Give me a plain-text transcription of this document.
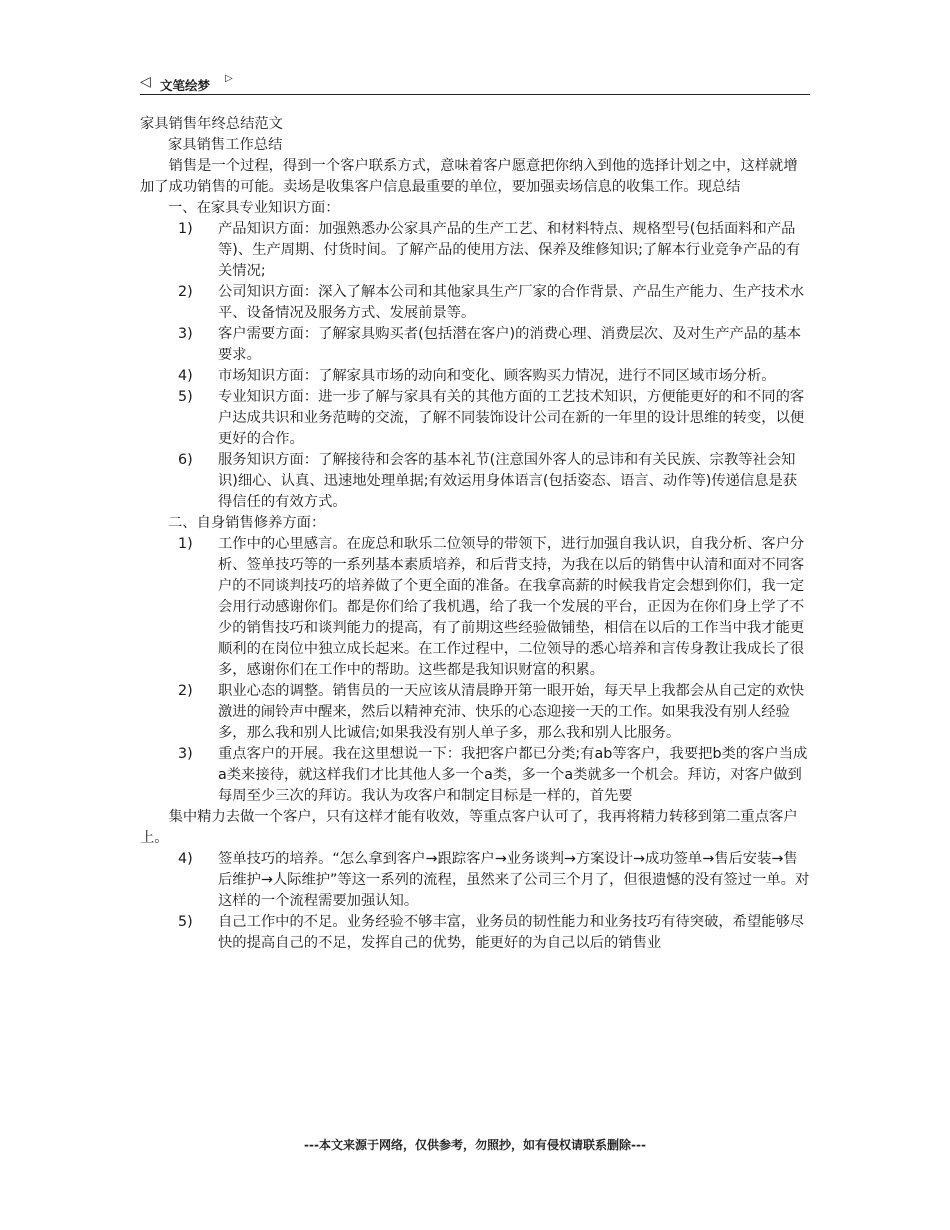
◁ 文笔绘梦 ▷

家具销售年终总结范文

家具销售工作总结

销售是一个过程，得到一个客户联系方式，意味着客户愿意把你纳入到他的选择计划之中，这样就增加了成功销售的可能。卖场是收集客户信息最重要的单位，要加强卖场信息的收集工作。现总结

一、在家具专业知识方面：

1) 产品知识方面：加强熟悉办公家具产品的生产工艺、和材料特点、规格型号(包括面料和产品等)、生产周期、付货时间。了解产品的使用方法、保养及维修知识;了解本行业竞争产品的有关情况;
2) 公司知识方面：深入了解本公司和其他家具生产厂家的合作背景、产品生产能力、生产技术水平、设备情况及服务方式、发展前景等。
3) 客户需要方面：了解家具购买者(包括潜在客户)的消费心理、消费层次、及对生产产品的基本要求。
4) 市场知识方面：了解家具市场的动向和变化、顾客购买力情况，进行不同区域市场分析。
5) 专业知识方面：进一步了解与家具有关的其他方面的工艺技术知识，方便能更好的和不同的客户达成共识和业务范畴的交流，了解不同装饰设计公司在新的一年里的设计思维的转变，以便更好的合作。
6) 服务知识方面：了解接待和会客的基本礼节(注意国外客人的忌讳和有关民族、宗教等社会知识)细心、认真、迅速地处理单据;有效运用身体语言(包括姿态、语言、动作等)传递信息是获得信任的有效方式。

二、自身销售修养方面：

1) 工作中的心里感言。在庞总和耿乐二位领导的带领下，进行加强自我认识，自我分析、客户分析、签单技巧等的一系列基本素质培养，和后背支持，为我在以后的销售中认清和面对不同客户的不同谈判技巧的培养做了个更全面的准备。在我拿高薪的时候我肯定会想到你们，我一定会用行动感谢你们。都是你们给了我机遇，给了我一个发展的平台，正因为在你们身上学了不少的销售技巧和谈判能力的提高，有了前期这些经验做铺垫，相信在以后的工作当中我才能更顺利的在岗位中独立成长起来。在工作过程中，二位领导的悉心培养和言传身教让我成长了很多，感谢你们在工作中的帮助。这些都是我知识财富的积累。
2) 职业心态的调整。销售员的一天应该从清晨睁开第一眼开始，每天早上我都会从自己定的欢快激进的闹铃声中醒来，然后以精神充沛、快乐的心态迎接一天的工作。如果我没有别人经验多，那么我和别人比诚信;如果我没有别人单子多，那么我和别人比服务。
3) 重点客户的开展。我在这里想说一下：我把客户都已分类;有ab等客户，我要把b类的客户当成a类来接待，就这样我们才比其他人多一个a类，多一个a类就多一个机会。拜访，对客户做到每周至少三次的拜访。我认为攻客户和制定目标是一样的，首先要

集中精力去做一个客户，只有这样才能有收效，等重点客户认可了，我再将精力转移到第二重点客户上。

4) 签单技巧的培养。“怎么拿到客户→跟踪客户→业务谈判→方案设计→成功签单→售后安装→售后维护→人际维护”等这一系列的流程，虽然来了公司三个月了，但很遗憾的没有签过一单。对这样的一个流程需要加强认知。
5) 自己工作中的不足。业务经验不够丰富，业务员的韧性能力和业务技巧有待突破，希望能够尽快的提高自己的不足，发挥自己的优势，能更好的为自己以后的销售业
---本文来源于网络，仅供参考，勿照抄，如有侵权请联系删除---
